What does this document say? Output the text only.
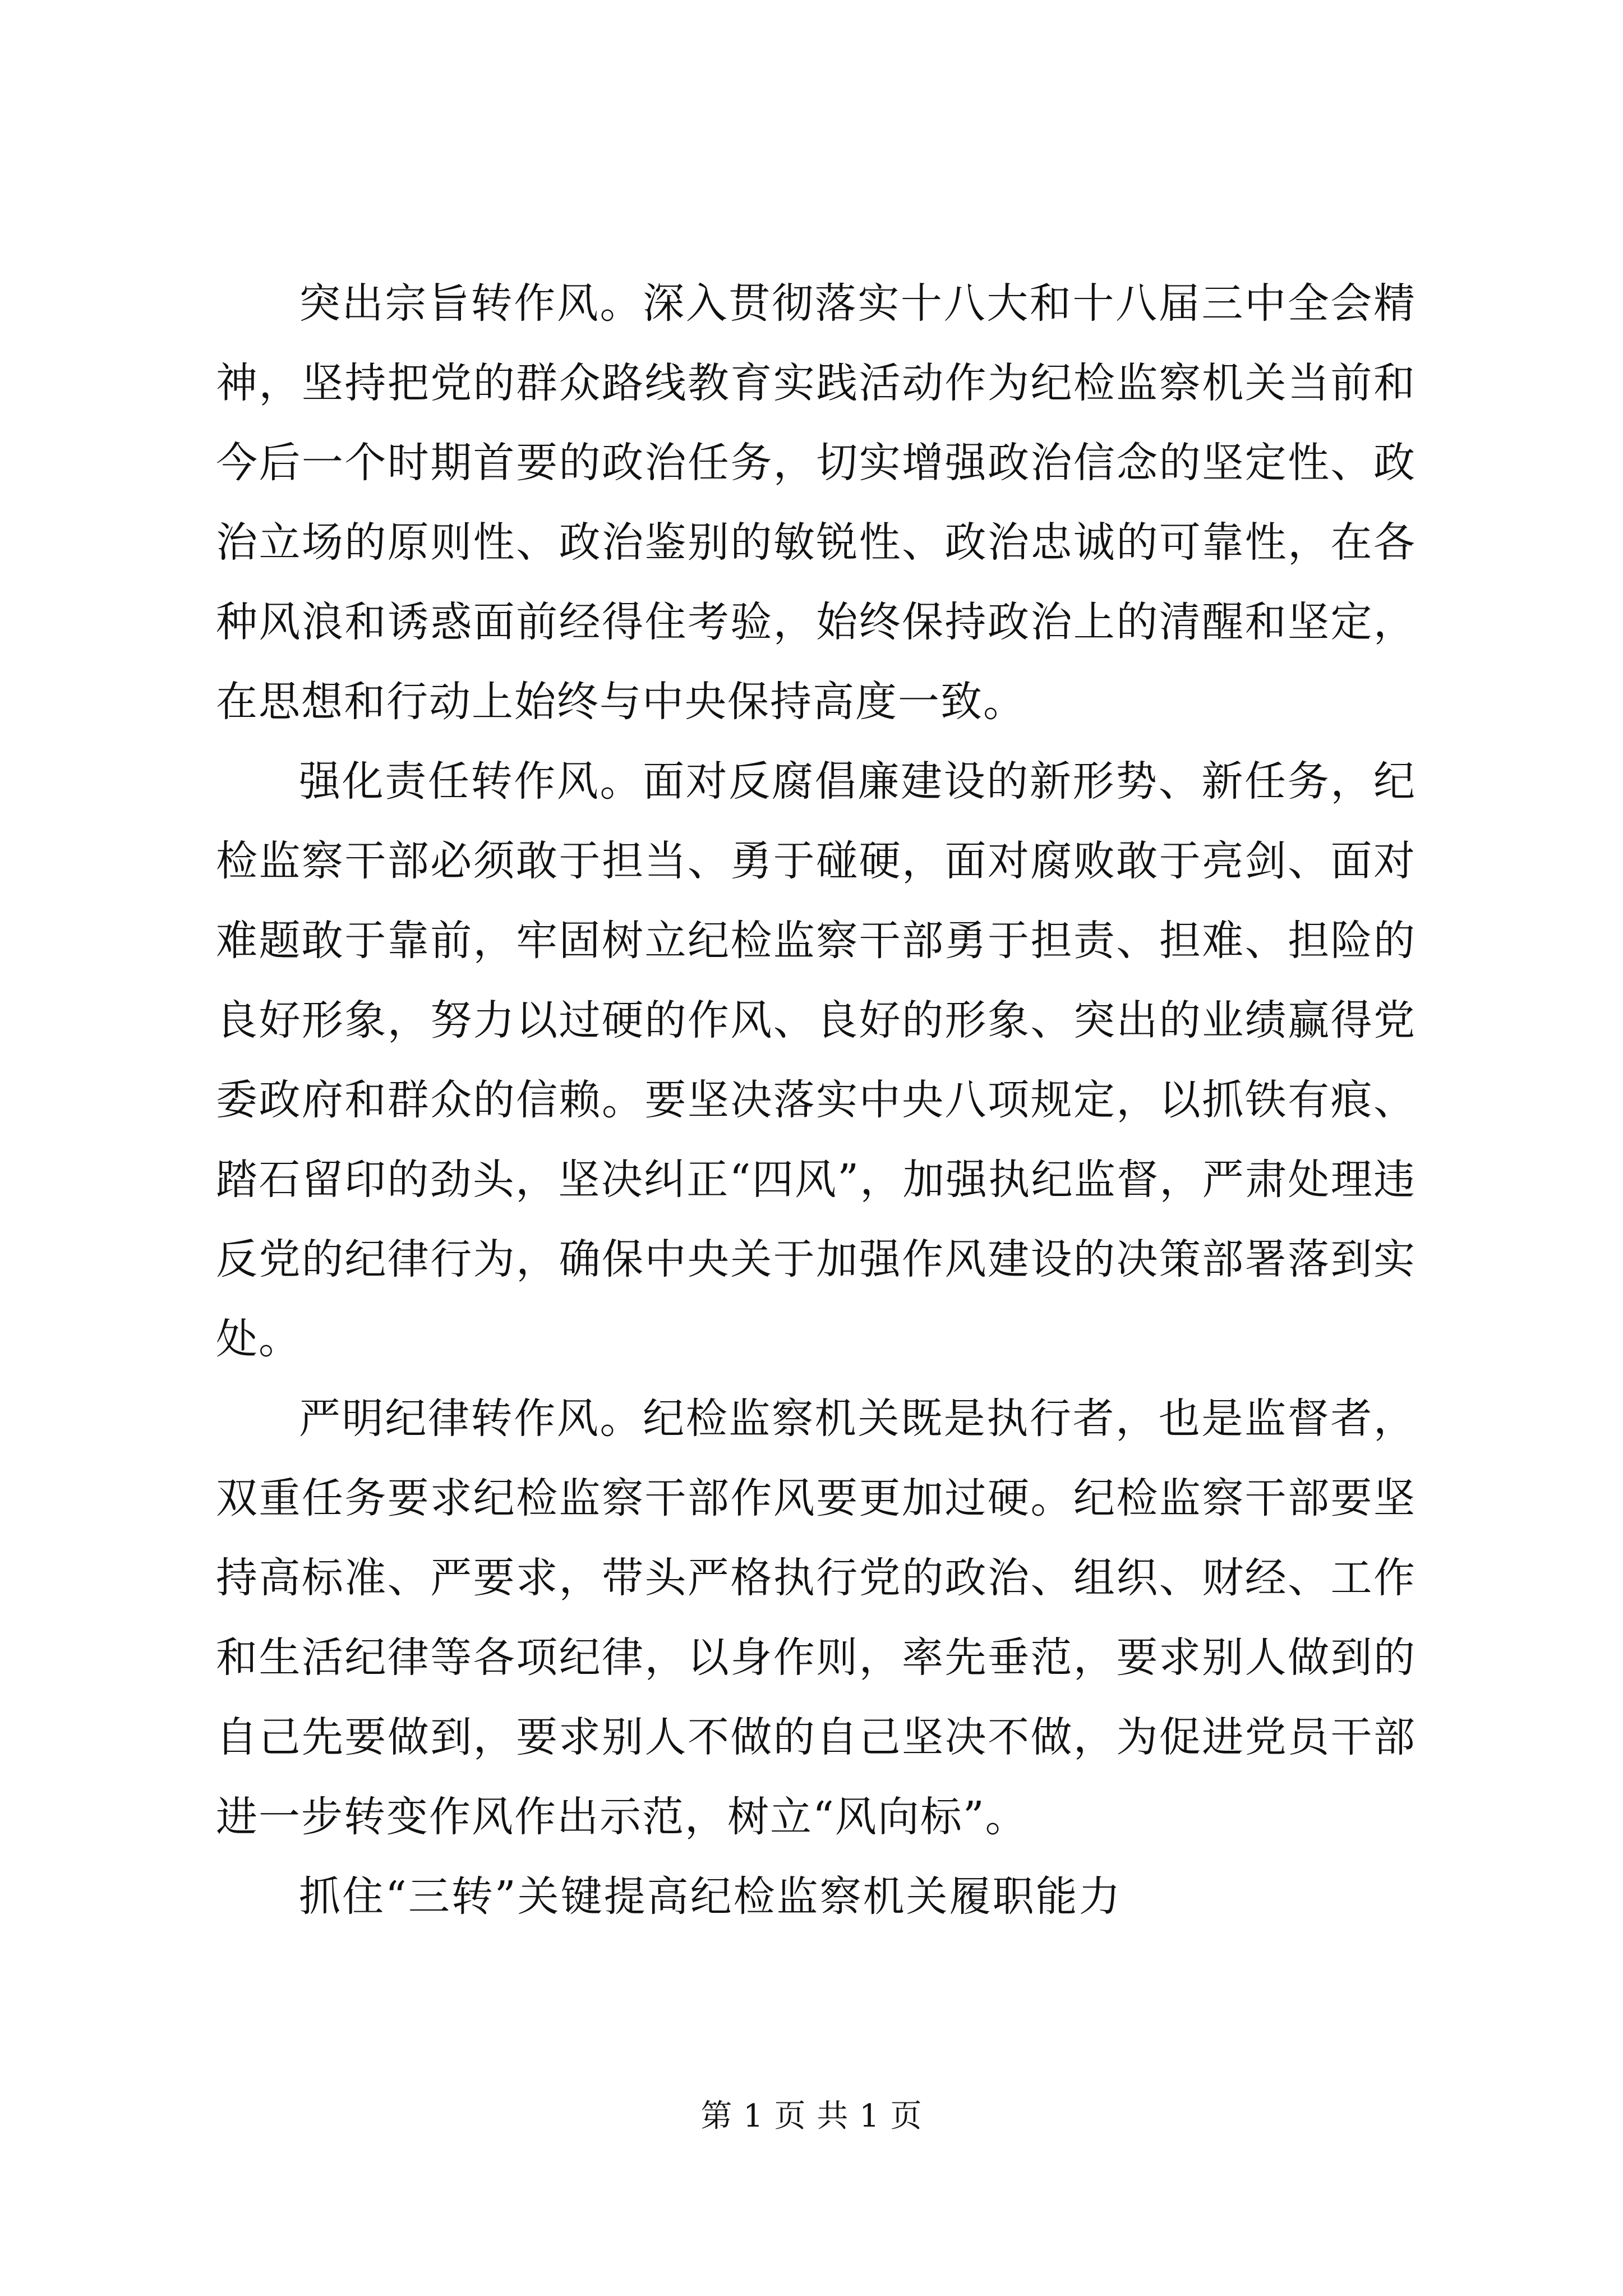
突出宗旨转作风。深入贯彻落实十八大和十八届三中全会精神，坚持把党的群众路线教育实践活动作为纪检监察机关当前和今后一个时期首要的政治任务，切实增强政治信念的坚定性、政治立场的原则性、政治鉴别的敏锐性、政治忠诚的可靠性，在各种风浪和诱惑面前经得住考验，始终保持政治上的清醒和坚定，在思想和行动上始终与中央保持高度一致。

强化责任转作风。面对反腐倡廉建设的新形势、新任务，纪检监察干部必须敢于担当、勇于碰硬，面对腐败敢于亮剑、面对难题敢于靠前，牢固树立纪检监察干部勇于担责、担难、担险的良好形象，努力以过硬的作风、良好的形象、突出的业绩赢得党委政府和群众的信赖。要坚决落实中央八项规定，以抓铁有痕、踏石留印的劲头，坚决纠正“四风”，加强执纪监督，严肃处理违反党的纪律行为，确保中央关于加强作风建设的决策部署落到实处。

严明纪律转作风。纪检监察机关既是执行者，也是监督者，双重任务要求纪检监察干部作风要更加过硬。纪检监察干部要坚持高标准、严要求，带头严格执行党的政治、组织、财经、工作和生活纪律等各项纪律，以身作则，率先垂范，要求别人做到的自己先要做到，要求别人不做的自己坚决不做，为促进党员干部进一步转变作风作出示范，树立“风向标”。

抓住“三转”关键提高纪检监察机关履职能力

第 1 页 共 1 页
